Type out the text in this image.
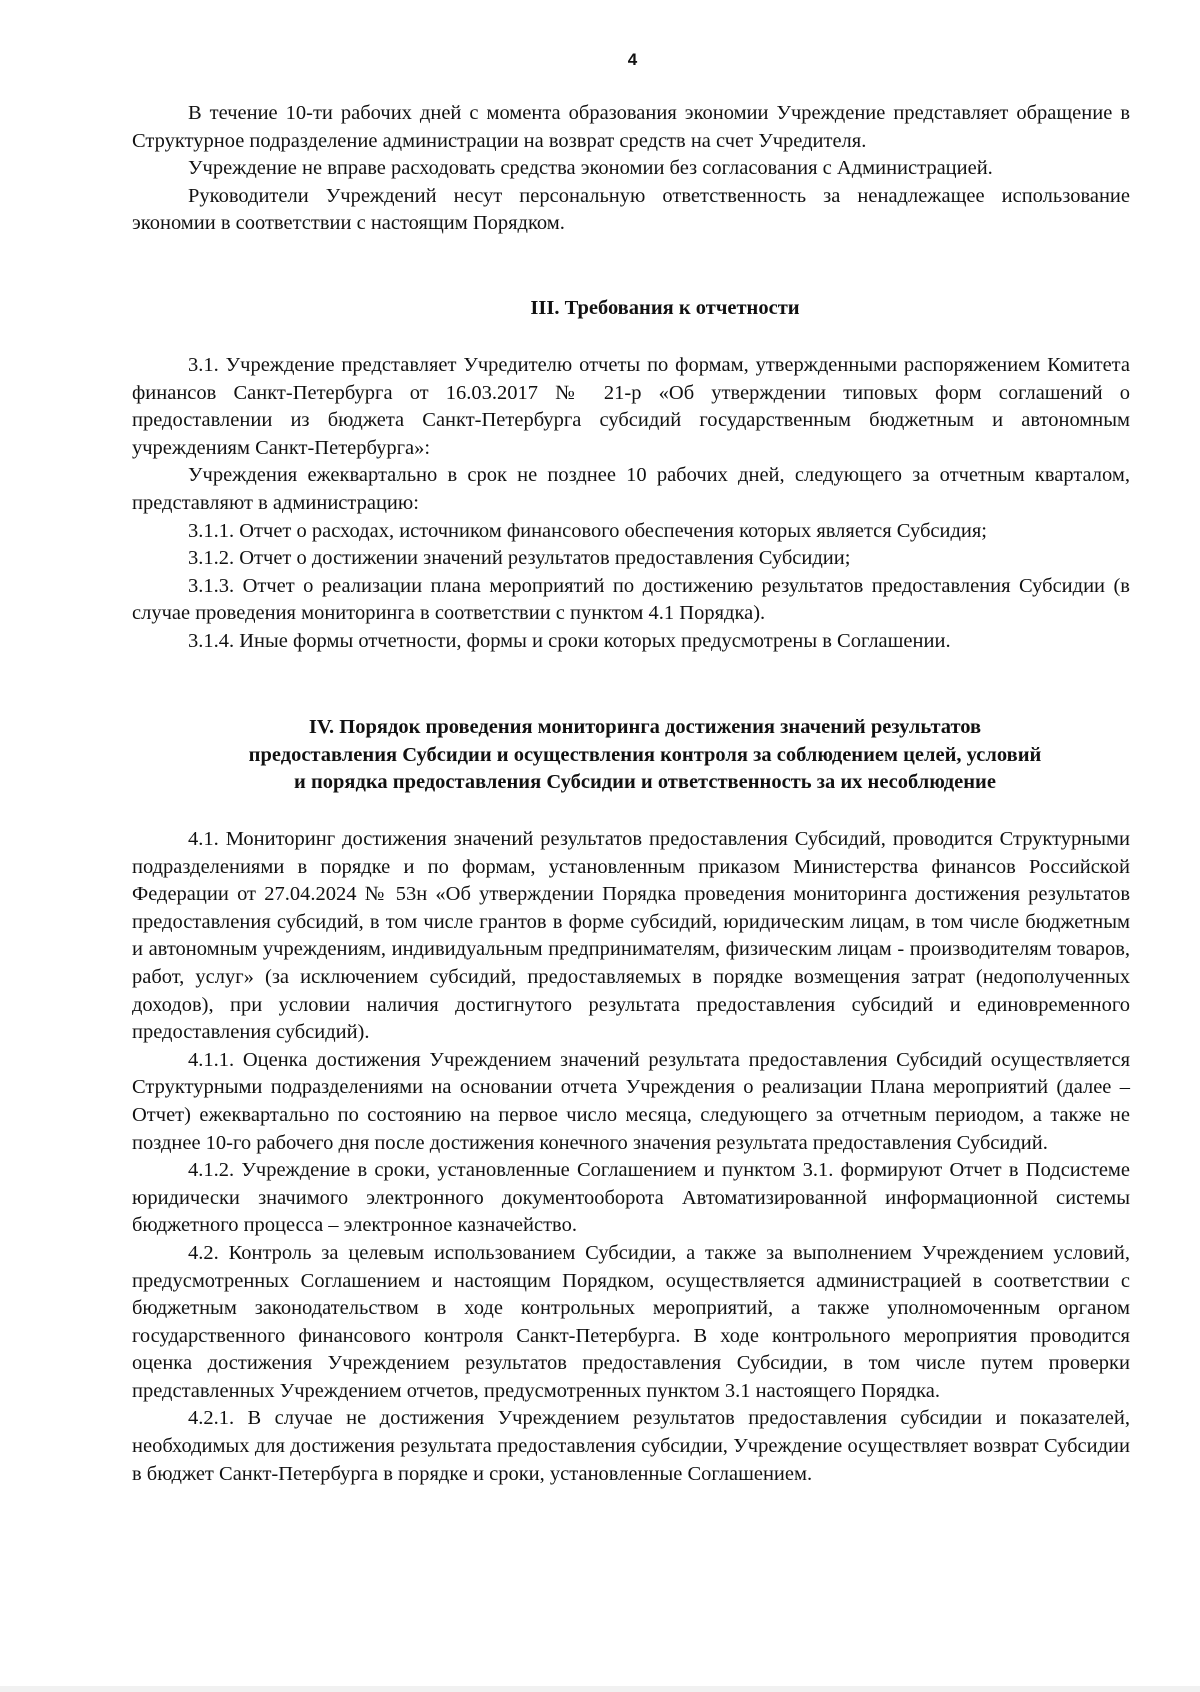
4

В течение 10-ти рабочих дней с момента образования экономии Учреждение представляет обращение в Структурное подразделение администрации на возврат средств на счет Учредителя.

Учреждение не вправе расходовать средства экономии без согласования с Администрацией.

Руководители Учреждений несут персональную ответственность за ненадлежащее использование экономии в соответствии с настоящим Порядком.

III. Требования к отчетности

3.1. Учреждение представляет Учредителю отчеты по формам, утвержденными распоряжением Комитета финансов Санкт-Петербурга от 16.03.2017 № 21-р «Об утверждении типовых форм соглашений о предоставлении из бюджета Санкт-Петербурга субсидий государственным бюджетным и автономным учреждениям Санкт-Петербурга»:

Учреждения ежеквартально в срок не позднее 10 рабочих дней, следующего за отчетным кварталом, представляют в администрацию:

3.1.1. Отчет о расходах, источником финансового обеспечения которых является Субсидия;

3.1.2. Отчет о достижении значений результатов предоставления Субсидии;

3.1.3. Отчет о реализации плана мероприятий по достижению результатов предоставления Субсидии (в случае проведения мониторинга в соответствии с пунктом 4.1 Порядка).

3.1.4. Иные формы отчетности, формы и сроки которых предусмотрены в Соглашении.

IV. Порядок проведения мониторинга достижения значений результатов
предоставления Субсидии и осуществления контроля за соблюдением целей, условий
и порядка предоставления Субсидии и ответственность за их несоблюдение

4.1. Мониторинг достижения значений результатов предоставления Субсидий, проводится Структурными подразделениями в порядке и по формам, установленным приказом Министерства финансов Российской Федерации от 27.04.2024 № 53н «Об утверждении Порядка проведения мониторинга достижения результатов предоставления субсидий, в том числе грантов в форме субсидий, юридическим лицам, в том числе бюджетным и автономным учреждениям, индивидуальным предпринимателям, физическим лицам - производителям товаров, работ, услуг» (за исключением субсидий, предоставляемых в порядке возмещения затрат (недополученных доходов), при условии наличия достигнутого результата предоставления субсидий и единовременного предоставления субсидий).

4.1.1. Оценка достижения Учреждением значений результата предоставления Субсидий осуществляется Структурными подразделениями на основании отчета Учреждения о реализации Плана мероприятий (далее – Отчет) ежеквартально по состоянию на первое число месяца, следующего за отчетным периодом, а также не позднее 10-го рабочего дня после достижения конечного значения результата предоставления Субсидий.

4.1.2. Учреждение в сроки, установленные Соглашением и пунктом 3.1. формируют Отчет в Подсистеме юридически значимого электронного документооборота Автоматизированной информационной системы бюджетного процесса – электронное казначейство.

4.2. Контроль за целевым использованием Субсидии, а также за выполнением Учреждением условий, предусмотренных Соглашением и настоящим Порядком, осуществляется администрацией в соответствии с бюджетным законодательством в ходе контрольных мероприятий, а также уполномоченным органом государственного финансового контроля Санкт-Петербурга. В ходе контрольного мероприятия проводится оценка достижения Учреждением результатов предоставления Субсидии, в том числе путем проверки представленных Учреждением отчетов, предусмотренных пунктом 3.1 настоящего Порядка.

4.2.1. В случае не достижения Учреждением результатов предоставления субсидии и показателей, необходимых для достижения результата предоставления субсидии, Учреждение осуществляет возврат Субсидии в бюджет Санкт-Петербурга в порядке и сроки, установленные Соглашением.
